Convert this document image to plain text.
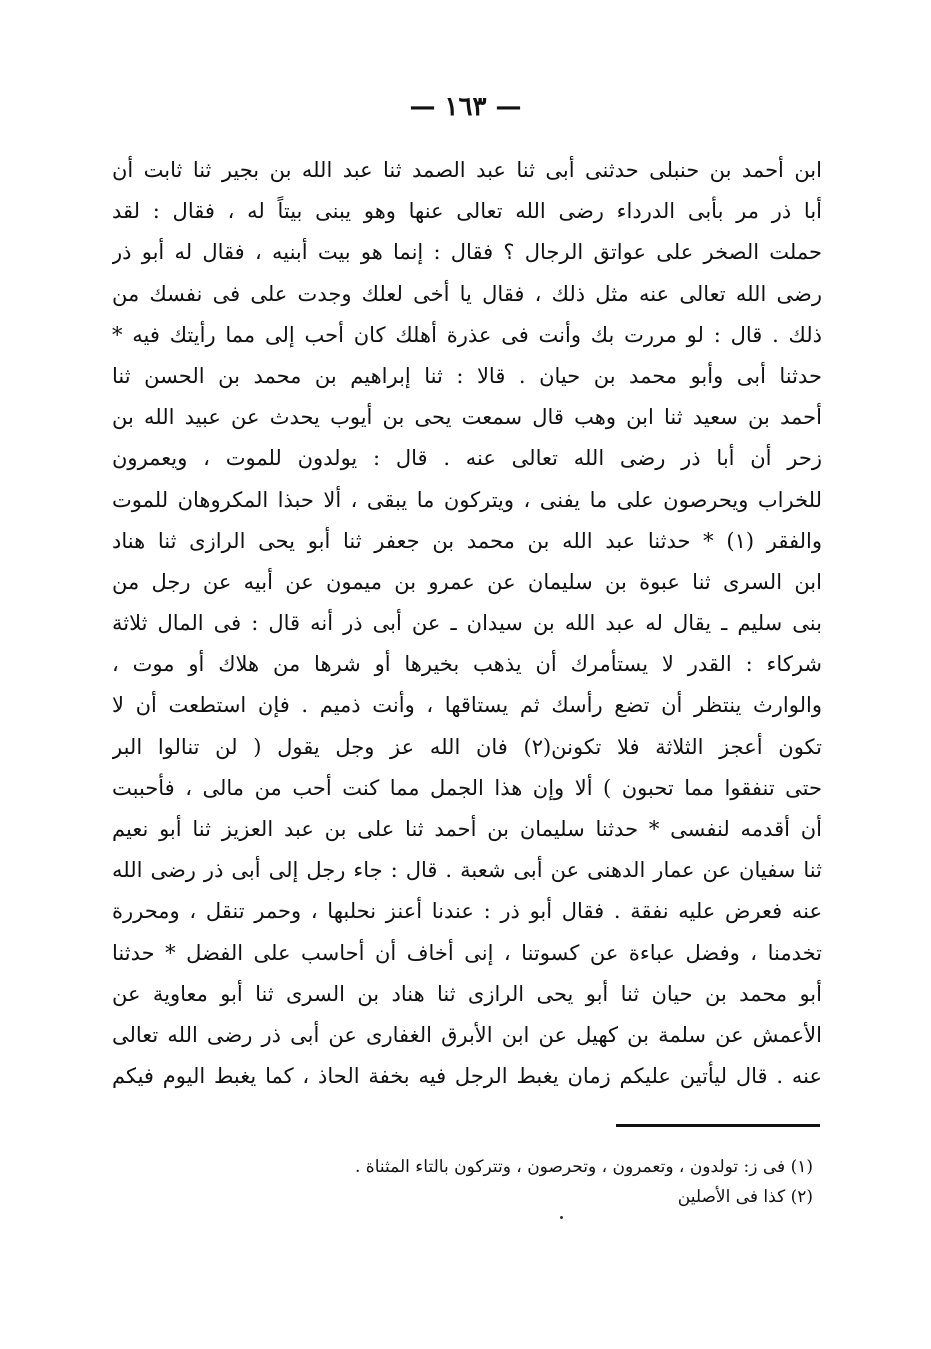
— ١٦٣ —
ابن أحمد بن حنبلى حدثنى أبى ثنا عبد الصمد ثنا عبد الله بن بجير ثنا ثابت أن
أبا ذر مر بأبى الدرداء رضى الله تعالى عنها وهو يبنى بيتاً له ، فقال : لقد
حملت الصخر على عواتق الرجال ؟ فقال : إنما هو بيت أبنيه ، فقال له أبو ذر
رضى الله تعالى عنه مثل ذلك ، فقال يا أخى لعلك وجدت على فى نفسك من
ذلك . قال : لو مررت بك وأنت فى عذرة أهلك كان أحب إلى مما رأيتك فيه *
حدثنا أبى وأبو محمد بن حيان . قالا : ثنا إبراهيم بن محمد بن الحسن ثنا
أحمد بن سعيد ثنا ابن وهب قال سمعت يحى بن أيوب يحدث عن عبيد الله بن
زحر أن أبا ذر رضى الله تعالى عنه . قال : يولدون للموت ، ويعمرون
للخراب ويحرصون على ما يفنى ، ويتركون ما يبقى ، ألا حبذا المكروهان للموت
والفقر (١) * حدثنا عبد الله بن محمد بن جعفر ثنا أبو يحى الرازى ثنا هناد
ابن السرى ثنا عبوة بن سليمان عن عمرو بن ميمون عن أبيه عن رجل من
بنى سليم ـ يقال له عبد الله بن سيدان ـ عن أبى ذر أنه قال : فى المال ثلاثة
شركاء : القدر لا يستأمرك أن يذهب بخيرها أو شرها من هلاك أو موت ،
والوارث ينتظر أن تضع رأسك ثم يستاقها ، وأنت ذميم . فإن استطعت أن لا
تكون أعجز الثلاثة فلا تكونن(٢) فان الله عز وجل يقول ( لن تنالوا البر
حتى تنفقوا مما تحبون ) ألا وإن هذا الجمل مما كنت أحب من مالى ، فأحببت
أن أقدمه لنفسى * حدثنا سليمان بن أحمد ثنا على بن عبد العزيز ثنا أبو نعيم
ثنا سفيان عن عمار الدهنى عن أبى شعبة . قال : جاء رجل إلى أبى ذر رضى الله
عنه فعرض عليه نفقة . فقال أبو ذر : عندنا أعنز نحلبها ، وحمر تنقل ، ومحررة
تخدمنا ، وفضل عباءة عن كسوتنا ، إنى أخاف أن أحاسب على الفضل * حدثنا
أبو محمد بن حيان ثنا أبو يحى الرازى ثنا هناد بن السرى ثنا أبو معاوية عن
الأعمش عن سلمة بن كهيل عن ابن الأبرق الغفارى عن أبى ذر رضى الله تعالى
عنه . قال ليأتين عليكم زمان يغبط الرجل فيه بخفة الحاذ ، كما يغبط اليوم فيكم
(١) فى ز: تولدون ، وتعمرون ، وتحرصون ، وتتركون بالتاء المثناة .
(٢) كذا فى الأصلين
